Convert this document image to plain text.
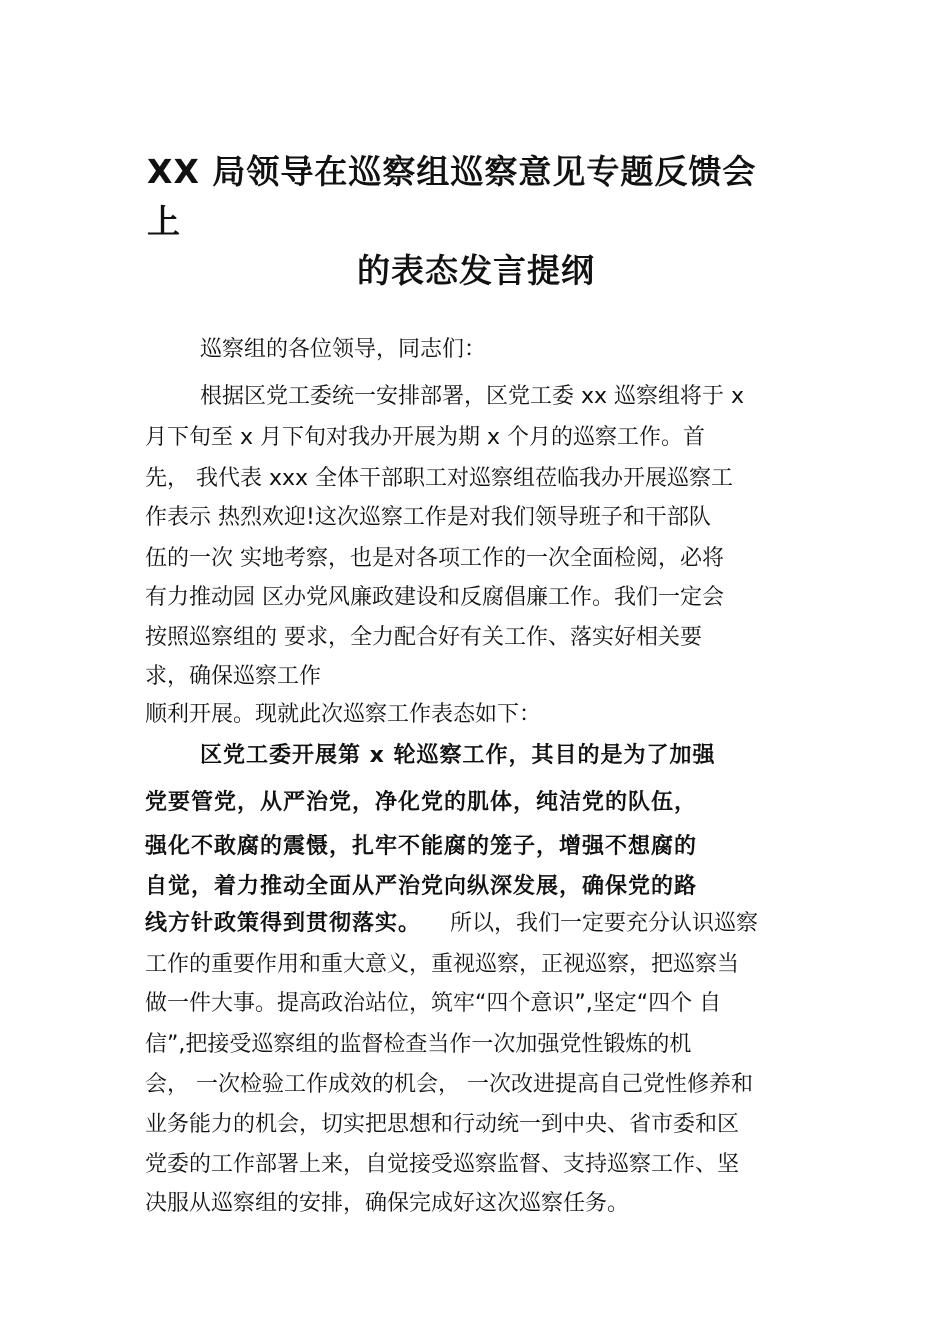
XX 局领导在巡察组巡察意见专题反馈会
上
的表态发言提纲
巡察组的各位领导，同志们：
根据区党工委统一安排部署，区党工委 xx 巡察组将于 x
月下旬至 x 月下旬对我办开展为期 x 个月的巡察工作。首
先， 我代表 xxx 全体干部职工对巡察组莅临我办开展巡察工
作表示 热烈欢迎!这次巡察工作是对我们领导班子和干部队
伍的一次 实地考察，也是对各项工作的一次全面检阅，必将
有力推动园 区办党风廉政建设和反腐倡廉工作。我们一定会
按照巡察组的 要求，全力配合好有关工作、落实好相关要
求，确保巡察工作
顺利开展。现就此次巡察工作表态如下：
区党工委开展第 x 轮巡察工作，其目的是为了加强
党要管党，从严治党，净化党的肌体，纯洁党的队伍，
强化不敢腐的震慑，扎牢不能腐的笼子，增强不想腐的
自觉，着力推动全面从严治党向纵深发展，确保党的路
线方针政策得到贯彻落实。 所以，我们一定要充分认识巡察
工作的重要作用和重大意义，重视巡察，正视巡察，把巡察当
做一件大事。提高政治站位，筑牢“四个意识”,坚定“四个 自
信”,把接受巡察组的监督检查当作一次加强党性锻炼的机
会， 一次检验工作成效的机会， 一次改进提高自己党性修养和
业务能力的机会，切实把思想和行动统一到中央、省市委和区
党委的工作部署上来，自觉接受巡察监督、支持巡察工作、坚
决服从巡察组的安排，确保完成好这次巡察任务。
